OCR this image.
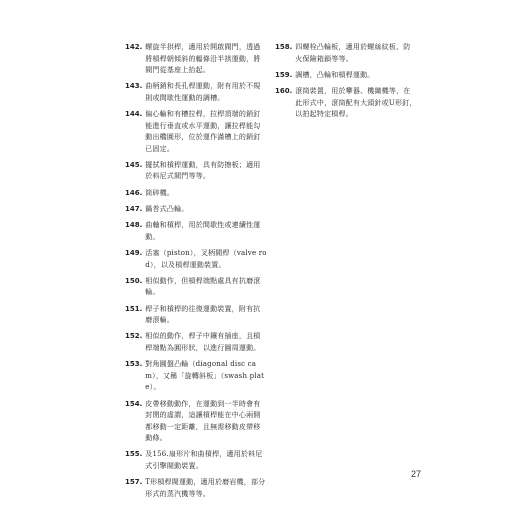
142. 螺旋半拱桿，適用於開啟閥門，透過將槓桿朝傾斜的輻條沿半拱運動，將閥門從基座上抬起。
143. 曲柄銷和長孔桿運動，附有用於不規則或間歇性運動的調槽。
144. 偏心輪和有槽拉桿，拉桿頂端的銷釘能進行垂直或水平運動，讓拉桿能勾動出橢圓形，位於運作滿槽上的銷釘已固定。
145. 擺拭和槓桿運動，具有防擦板；適用於料尼式閥門等等。
146. 筒碎機。
147. 鍋巻式凸輪。
148. 曲軸和槓桿，用於間歇性或連續性運動。
149. 活塞（piston），叉柄閥桿（valve rod），以及槓桿運動裝置。
150. 相似動作，但槓桿端點處具有抗磨滾輪。
151. 桿子和槓桿的往復運動裝置，附有抗磨滾輪。
152. 相似的動作，桿子中鑲有插座，且槓桿端點為圓形狀，以進行圓周運動。
153. 對角圓盤凸輪（diagonal disc cam），又稱「旋轉斜板」（swash plate）。
154. 皮帶移動動作，在運動到一半時會有封閉的虛謂，這讓槓桿能在中心兩側都移動一定距離，且無需移動皮帶移動條。
155. 及156.扇形片和曲槓桿，適用於料尼式引擎閥動裝置。
157. T形槓桿閥運動，適用於磨岩機，部分形式的蒸汽機等等。
158. 四螺栓凸輪板，適用於螺絲紋板、防火保險箱鎖等等。
159. 調槽，凸輪和槓桿運動。
160. 滾筒裝置，用於攀器、機織機等，在此形式中，滾筒配有大頭針或U形釘，以拍起特定槓桿。
27
